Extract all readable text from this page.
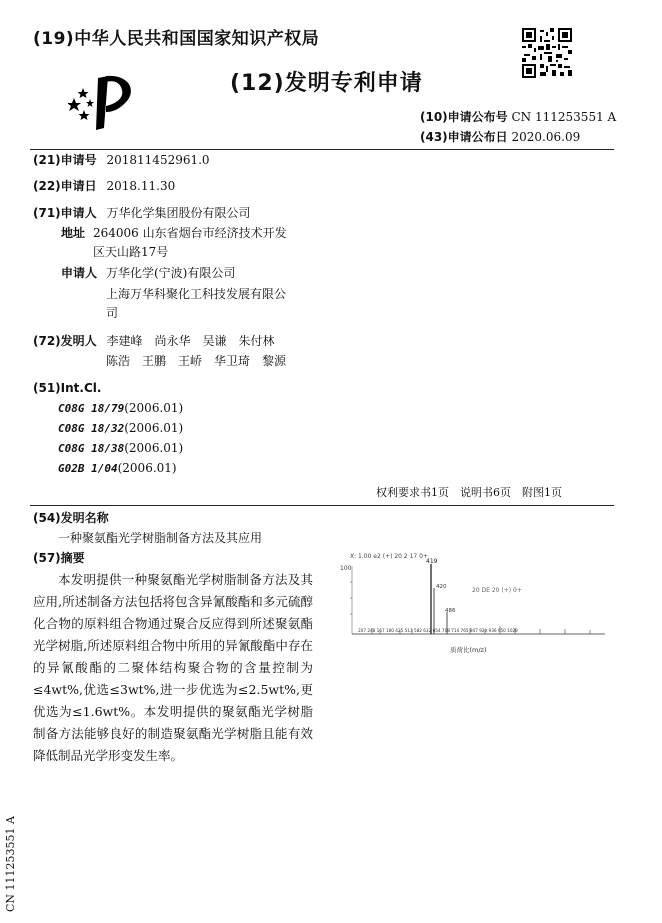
(19)中华人民共和国国家知识产权局
(12)发明专利申请
(10)申请公布号 CN 111253551 A
(43)申请公布日 2020.06.09
(21)申请号 201811452961.0
(22)申请日 2018.11.30
(71)申请人 万华化学集团股份有限公司
地址 264006 山东省烟台市经济技术开发
区天山路17号
申请人 万华化学(宁波)有限公司
上海万华科聚化工科技发展有限公
司
(72)发明人 李建峰　尚永华　吴谦　朱付林
陈浩　王鹏　王峤　华卫琦　黎源
(51)Int.Cl.
C08G 18/79(2006.01)
C08G 18/32(2006.01)
C08G 18/38(2006.01)
G02B 1/04(2006.01)
权利要求书1页　说明书6页　附图1页
(54)发明名称
一种聚氨酯光学树脂制备方法及其应用
(57)摘要
本发明提供一种聚氨酯光学树脂制备方法及其应用,所述制备方法包括将包含异氰酸酯和多元硫醇化合物的原料组合物通过聚合反应得到所述聚氨酯光学树脂,所述原料组合物中所用的异氰酸酯中存在的异氰酸酯的二聚体结构聚合物的含量控制为≤4wt%,优选≤3wt%,进一步优选为≤2.5wt%,更优选为≤1.6wt%。本发明提供的聚氨酯光学树脂制备方法能够良好的制造聚氨酯光学树脂且能有效降低制品光学形变发生率。
X: 1.00 e2 (+) 20 2 17 0+
100
419
420
486
20 DE 20 (+) 0+
207 248 167 180 425 513 582 632 654 708 714 765 847 920 936 950 1028
质荷比(m/z)
CN 111253551 A
